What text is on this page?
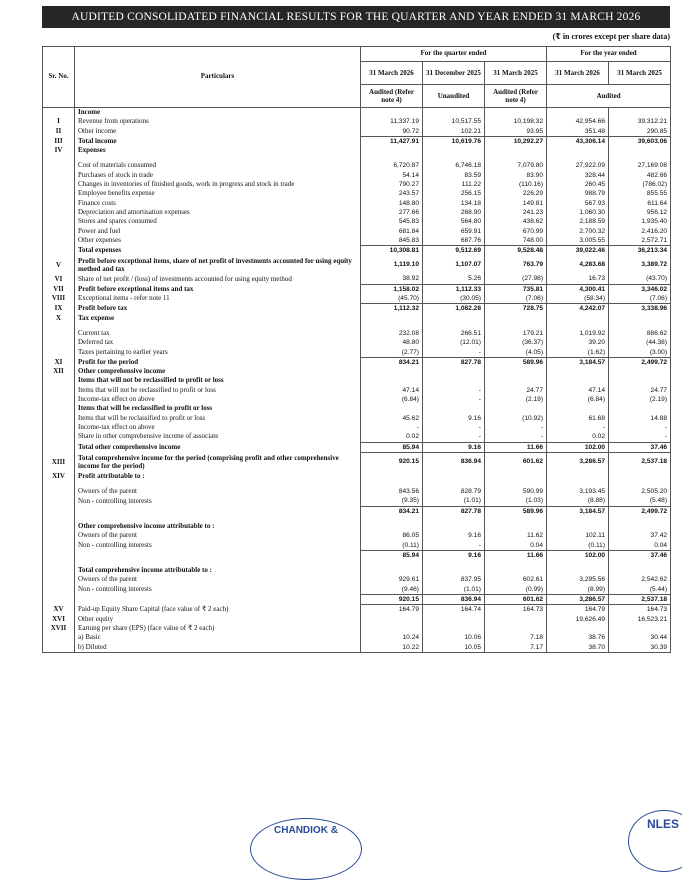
AUDITED CONSOLIDATED FINANCIAL RESULTS FOR THE QUARTER AND YEAR ENDED 31 MARCH 2026
(₹ in crores except per share data)
Sr. No.	Particulars	For the quarter ended			For the year ended	
		31 March 2026	31 December 2025	31 March 2025	31 March 2026	31 March 2025
		Audited (Refer note 4)	Unaudited	Audited (Refer note 4)	Audited	
	Income					
I	Revenue from operations	11,337.19	10,517.55	10,198.32	42,954.66	39,312.21
II	Other income	90.72	102.21	93.95	351.48	290.85
III	Total income	11,427.91	10,619.76	10,292.27	43,306.14	39,603.06
IV	Expenses					

	Cost of materials consumed	6,720.87	6,746.18	7,079.80	27,922.09	27,169.08
	Purchases of stock in trade	54.14	83.59	83.90	328.44	482.66
	Changes in inventories of finished goods, work in progress and stock in trade	790.27	111.22	(110.16)	260.45	(786.02)
	Employee benefits expense	243.57	256.15	226.29	988.79	855.55
	Finance costs	148.80	134.18	149.81	567.93	611.64
	Depreciation and amortisation expenses	277.66	268.90	241.23	1,060.30	956.12
	Stores and spares consumed	545.83	564.80	438.62	2,188.59	1,935.40
	Power and fuel	681.84	659.91	670.99	2,700.32	2,416.20
	Other expenses	845.83	687.76	748.00	3,005.55	2,572.71
	Total expenses	10,308.81	9,512.69	9,528.48	39,022.46	36,213.34
V	Profit before exceptional items, share of net profit of investments accounted for using equity method and tax	1,119.10	1,107.07	763.79	4,283.68	3,389.72
VI	Share of net profit / (loss) of investments accounted for using equity method	38.92	5.26	(27.98)	16.73	(43.70)
VII	Profit before exceptional items and tax	1,158.02	1,112.33	735.81	4,300.41	3,346.02
VIII	Exceptional items - refer note 11	(45.70)	(30.05)	(7.06)	(58.34)	(7.06)
IX	Profit before tax	1,112.32	1,082.28	728.75	4,242.07	3,338.96
X	Tax expense					

	Current tax	232.08	266.51	179.21	1,019.92	886.62
	Deferred tax	48.80	(12.01)	(36.37)	39.20	(44.38)
	Taxes pertaining to earlier years	(2.77)	-	(4.05)	(1.62)	(3.00)
XI	Profit for the period	834.21	827.78	589.96	3,184.57	2,499.72
XII	Other comprehensive income					
	Items that will not be reclassified to profit or loss					
	Items that will not be reclassified to profit or loss	47.14	-	24.77	47.14	24.77
	Income-tax effect on above	(6.84)	-	(2.19)	(6.84)	(2.19)
	Items that will be reclassified to profit or loss					
	Items that will be reclassified to profit or loss	45.62	9.16	(10.92)	61.68	14.88
	Income-tax effect on above	-	-	-	-	-
	Share in other comprehensive income of associate	0.02	-	-	0.02	-
	Total other comprehensive income	85.94	9.16	11.66	102.00	37.46
XIII	Total comprehensive income for the period (comprising profit and other comprehensive income for the period)	920.15	836.94	601.62	3,286.57	2,537.18
XIV	Profit attributable to :					

	Owners of the parent	843.56	828.79	590.99	3,193.45	2,505.20
	Non - controlling interests	(9.35)	(1.01)	(1.03)	(8.88)	(5.48)
		834.21	827.78	589.96	3,184.57	2,499.72

	Other comprehensive income attributable to :					
	Owners of the parent	86.05	9.16	11.62	102.11	37.42
	Non - controlling interests	(0.11)	-	0.04	(0.11)	0.04
		85.94	9.16	11.66	102.00	37.46

	Total comprehensive income attributable to :					
	Owners of the parent	929.61	837.95	602.61	3,295.56	2,542.62
	Non - controlling interests	(9.46)	(1.01)	(0.99)	(8.99)	(5.44)
		920.15	836.94	601.62	3,286.57	2,537.18
XV	Paid-up Equity Share Capital (face value of ₹ 2 each)	164.79	164.74	164.73	164.79	164.73
XVI	Other equity				19,626.49	16,523.21
XVII	Earning per share (EPS) (face value of ₹ 2 each)					
	a) Basic	10.24	10.06	7.18	38.76	30.44
	b) Diluted	10.22	10.05	7.17	38.70	30.39
CHANDIOK &	NLES
